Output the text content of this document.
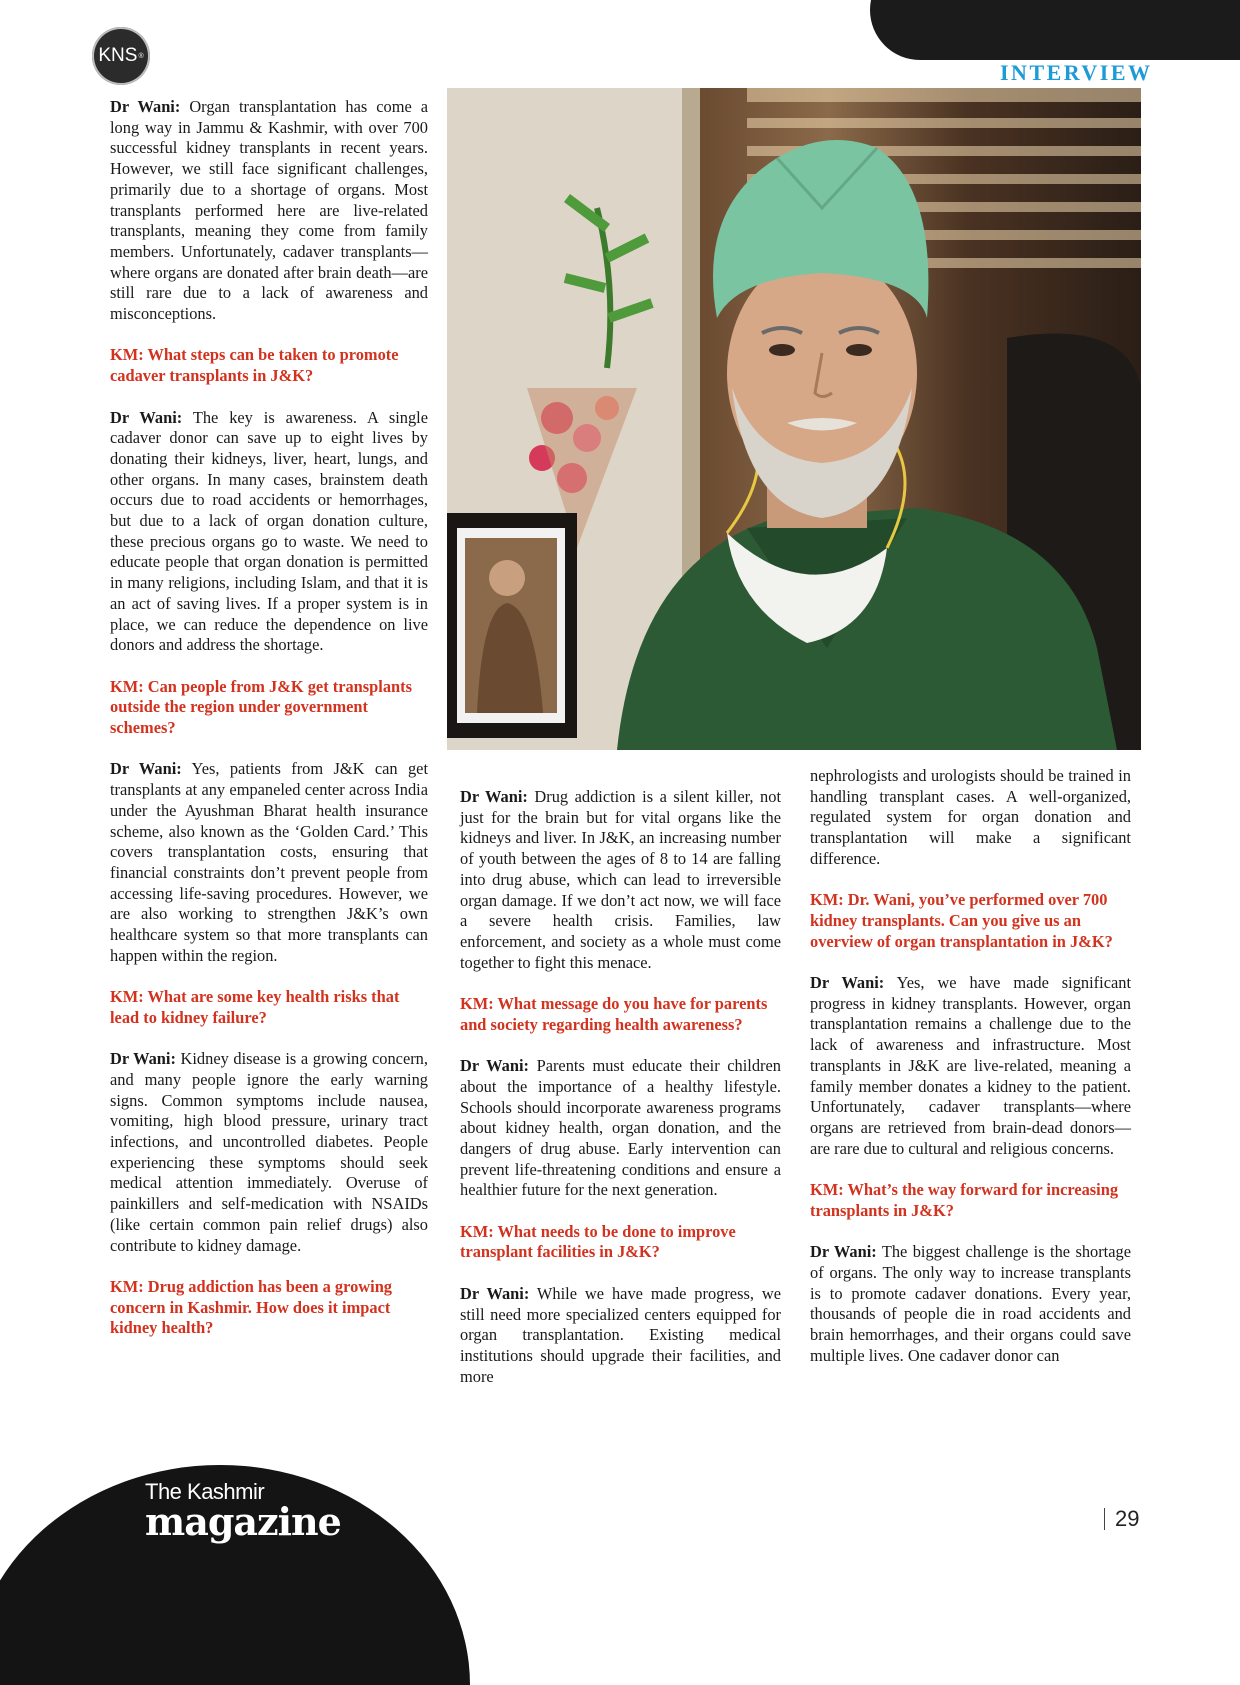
KNS ®
INTERVIEW

Dr Wani: Organ transplantation has come a long way in Jammu & Kashmir, with over 700 successful kidney transplants in recent years. However, we still face significant challenges, primarily due to a shortage of organs. Most transplants performed here are live-related transplants, meaning they come from family members. Unfortunately, cadaver transplants—where organs are donated after brain death—are still rare due to a lack of awareness and misconceptions.

KM: What steps can be taken to promote cadaver transplants in J&K?

Dr Wani: The key is awareness. A single cadaver donor can save up to eight lives by donating their kidneys, liver, heart, lungs, and other organs. In many cases, brainstem death occurs due to road accidents or hemorrhages, but due to a lack of organ donation culture, these precious organs go to waste. We need to educate people that organ donation is permitted in many religions, including Islam, and that it is an act of saving lives. If a proper system is in place, we can reduce the dependence on live donors and address the shortage.

KM: Can people from J&K get transplants outside the region under government schemes?

Dr Wani: Yes, patients from J&K can get transplants at any empaneled center across India under the Ayushman Bharat health insurance scheme, also known as the ‘Golden Card.’ This covers transplantation costs, ensuring that financial constraints don’t prevent people from accessing life-saving procedures. However, we are also working to strengthen J&K’s own healthcare system so that more transplants can happen within the region.

KM: What are some key health risks that lead to kidney failure?

Dr Wani: Kidney disease is a growing concern, and many people ignore the early warning signs. Common symptoms include nausea, vomiting, high blood pressure, urinary tract infections, and uncontrolled diabetes. People experiencing these symptoms should seek medical attention immediately. Overuse of painkillers and self-medication with NSAIDs (like certain common pain relief drugs) also contribute to kidney damage.

KM: Drug addiction has been a growing concern in Kashmir. How does it impact kidney health?

Dr Wani: Drug addiction is a silent killer, not just for the brain but for vital organs like the kidneys and liver. In J&K, an increasing number of youth between the ages of 8 to 14 are falling into drug abuse, which can lead to irreversible organ damage. If we don’t act now, we will face a severe health crisis. Families, law enforcement, and society as a whole must come together to fight this menace.

KM: What message do you have for parents and society regarding health awareness?

Dr Wani: Parents must educate their children about the importance of a healthy lifestyle. Schools should incorporate awareness programs about kidney health, organ donation, and the dangers of drug abuse. Early intervention can prevent life-threatening conditions and ensure a healthier future for the next generation.

KM: What needs to be done to improve transplant facilities in J&K?

Dr Wani: While we have made progress, we still need more specialized centers equipped for organ transplantation. Existing medical institutions should upgrade their facilities, and more

nephrologists and urologists should be trained in handling transplant cases. A well-organized, regulated system for organ donation and transplantation will make a significant difference.

KM: Dr. Wani, you’ve performed over 700 kidney transplants. Can you give us an overview of organ transplantation in J&K?

Dr Wani: Yes, we have made significant progress in kidney transplants. However, organ transplantation remains a challenge due to the lack of awareness and infrastructure. Most transplants in J&K are live-related, meaning a family member donates a kidney to the patient. Unfortunately, cadaver transplants—where organs are retrieved from brain-dead donors—are rare due to cultural and religious concerns.

KM: What’s the way forward for increasing transplants in J&K?

Dr Wani: The biggest challenge is the shortage of organs. The only way to increase transplants is to promote cadaver donations. Every year, thousands of people die in road accidents and brain hemorrhages, and their organs could save multiple lives. One cadaver donor can

The Kashmir
magazine	29
